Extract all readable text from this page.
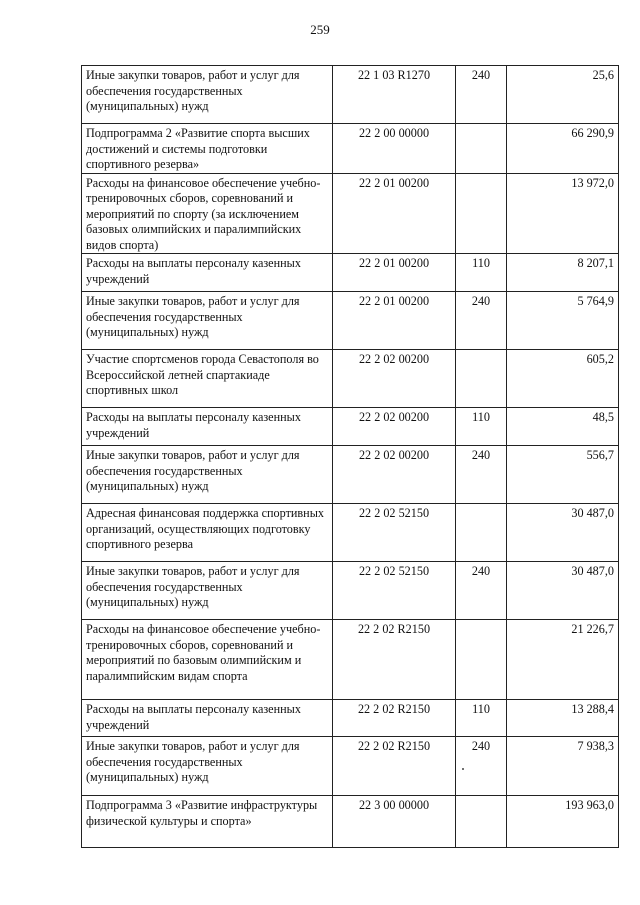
259
Иные закупки товаров, работ и услуг для обеспечения государственных (муниципальных) нужд	22 1 03 R1270	240	25,6
Подпрограмма 2 «Развитие спорта высших достижений и системы подготовки спортивного резерва»	22 2 00 00000		66 290,9
Расходы на финансовое обеспечение учебно-тренировочных сборов, соревнований и мероприятий по спорту (за исключением базовых олимпийских и паралимпийских видов спорта)	22 2 01 00200		13 972,0
Расходы на выплаты персоналу казенных учреждений	22 2 01 00200	110	8 207,1
Иные закупки товаров, работ и услуг для обеспечения государственных (муниципальных) нужд	22 2 01 00200	240	5 764,9
Участие спортсменов города Севастополя во Всероссийской летней спартакиаде спортивных школ	22 2 02 00200		605,2
Расходы на выплаты персоналу казенных учреждений	22 2 02 00200	110	48,5
Иные закупки товаров, работ и услуг для обеспечения государственных (муниципальных) нужд	22 2 02 00200	240	556,7
Адресная финансовая поддержка спортивных организаций, осуществляющих подготовку спортивного резерва	22 2 02 52150		30 487,0
Иные закупки товаров, работ и услуг для обеспечения государственных (муниципальных) нужд	22 2 02 52150	240	30 487,0
Расходы на финансовое обеспечение учебно-тренировочных сборов, соревнований и мероприятий по базовым олимпийским и паралимпийским видам спорта	22 2 02 R2150		21 226,7
Расходы на выплаты персоналу казенных учреждений	22 2 02 R2150	110	13 288,4
Иные закупки товаров, работ и услуг для обеспечения государственных (муниципальных) нужд	22 2 02 R2150	240	7 938,3
Подпрограмма 3 «Развитие инфраструктуры физической культуры и спорта»	22 3 00 00000		193 963,0
